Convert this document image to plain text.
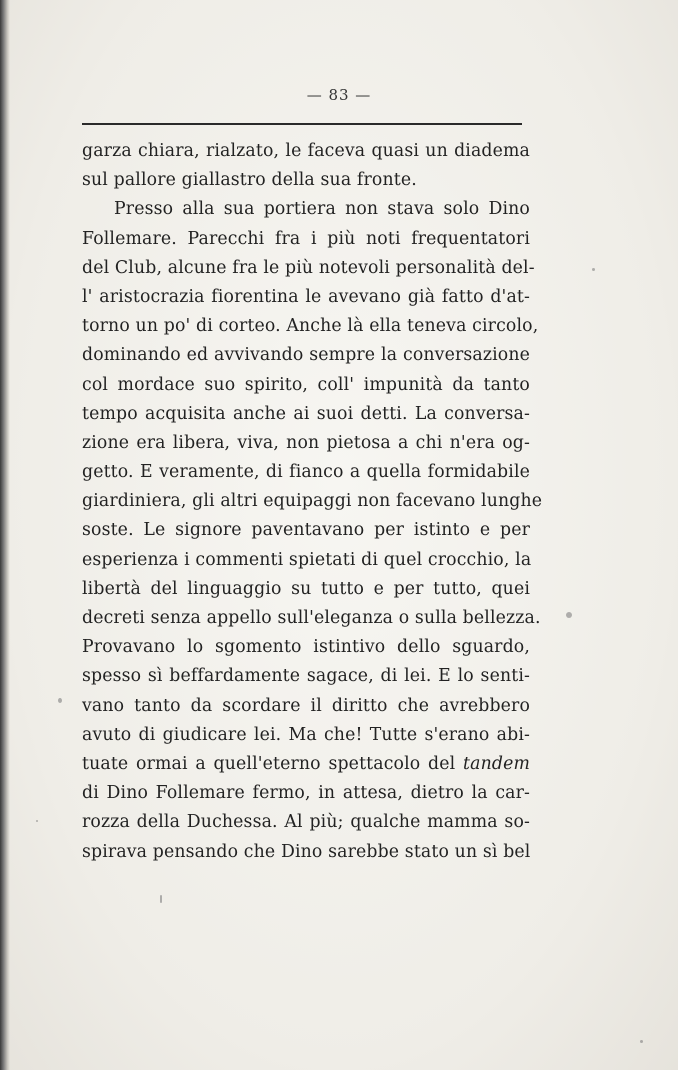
— 83 —
garza chiara, rialzato, le faceva quasi un diadema
sul pallore giallastro della sua fronte.
Presso alla sua portiera non stava solo Dino
Follemare. Parecchi fra i più noti frequentatori
del Club, alcune fra le più notevoli personalità del-
l' aristocrazia fiorentina le avevano già fatto d'at-
torno un po' di corteo. Anche là ella teneva circolo,
dominando ed avvivando sempre la conversazione
col mordace suo spirito, coll' impunità da tanto
tempo acquisita anche ai suoi detti. La conversa-
zione era libera, viva, non pietosa a chi n'era og-
getto. E veramente, di fianco a quella formidabile
giardiniera, gli altri equipaggi non facevano lunghe
soste. Le signore paventavano per istinto e per
esperienza i commenti spietati di quel crocchio, la
libertà del linguaggio su tutto e per tutto, quei
decreti senza appello sull'eleganza o sulla bellezza.
Provavano lo sgomento istintivo dello sguardo,
spesso sì beffardamente sagace, di lei. E lo senti-
vano tanto da scordare il diritto che avrebbero
avuto di giudicare lei. Ma che! Tutte s'erano abi-
tuate ormai a quell'eterno spettacolo del tandem
di Dino Follemare fermo, in attesa, dietro la car-
rozza della Duchessa. Al più; qualche mamma so-
spirava pensando che Dino sarebbe stato un sì bel
